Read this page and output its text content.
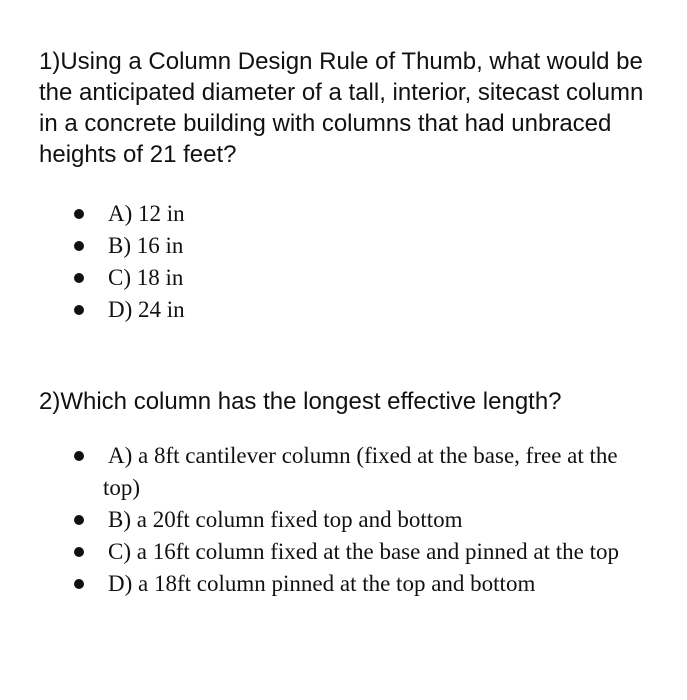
1)Using a Column Design Rule of Thumb, what would be the anticipated diameter of a tall, interior, sitecast column in a concrete building with columns that had unbraced heights of 21 feet?

A) 12 in
B) 16 in
C) 18 in
D) 24 in

2)Which column has the longest effective length?

A) a 8ft cantilever column (fixed at the base, free at the top)
B) a 20ft column fixed top and bottom
C) a 16ft column fixed at the base and pinned at the top
D) a 18ft column pinned at the top and bottom
